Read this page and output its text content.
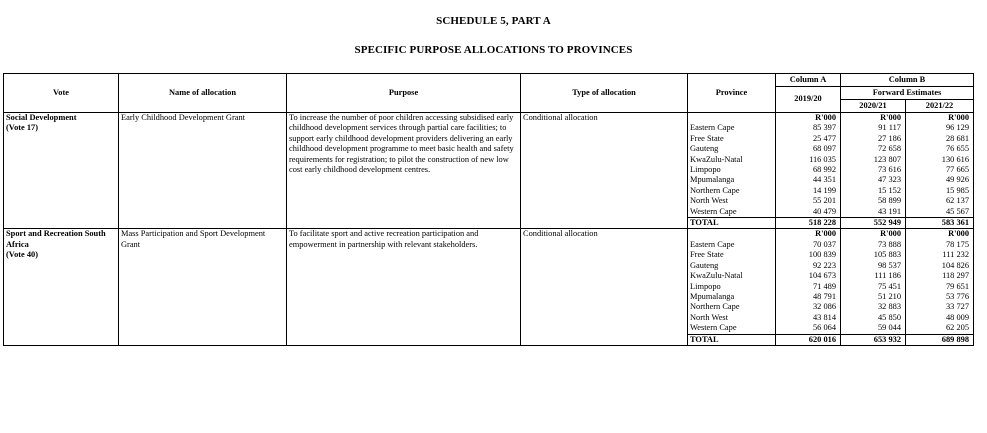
SCHEDULE 5, PART A
SPECIFIC PURPOSE ALLOCATIONS TO PROVINCES
Vote	Name of allocation	Purpose	Type of allocation	Province	Column A	Column B	
					2019/20	Forward Estimates	
						2020/21	2021/22

Social Development
(Vote 17)	Early Childhood Development Grant	To increase the number of poor children accessing subsidised early childhood development services through partial care facilities; to support early childhood development providers delivering an early childhood development programme to meet basic health and safety requirements for registration; to pilot the construction of new low cost early childhood development centres.	Conditional allocation		R'000	R'000	R'000
				Eastern Cape	85 397	91 117	96 129
				Free State	25 477	27 186	28 681
				Gauteng	68 097	72 658	76 655
				KwaZulu-Natal	116 035	123 807	130 616
				Limpopo	68 992	73 616	77 665
				Mpumalanga	44 351	47 323	49 926
				Northern Cape	14 199	15 152	15 985
				North West	55 201	58 899	62 137
				Western Cape	40 479	43 191	45 567
				TOTAL	518 228	552 949	583 361

Sport and Recreation South Africa
(Vote 40)	Mass Participation and Sport Development Grant	To facilitate sport and active recreation participation and empowerment in partnership with relevant stakeholders.	Conditional allocation		R'000	R'000	R'000
				Eastern Cape	70 037	73 888	78 175
				Free State	100 839	105 883	111 232
				Gauteng	92 223	98 537	104 826
				KwaZulu-Natal	104 673	111 186	118 297
				Limpopo	71 489	75 451	79 651
				Mpumalanga	48 791	51 210	53 776
				Northern Cape	32 086	32 883	33 727
				North West	43 814	45 850	48 009
				Western Cape	56 064	59 044	62 205
				TOTAL	620 016	653 932	689 898
